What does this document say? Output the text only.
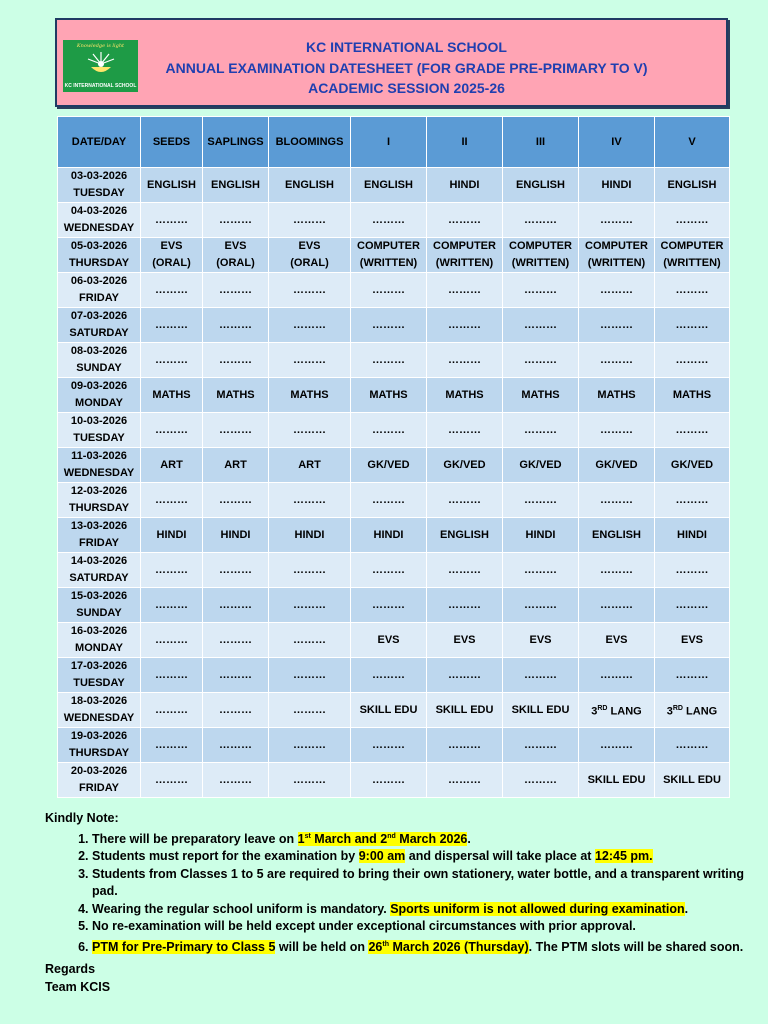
Knowledge is light
KC INTERNATIONAL SCHOOL
KC INTERNATIONAL SCHOOL
ANNUAL EXAMINATION DATESHEET (FOR GRADE PRE-PRIMARY TO V)
ACADEMIC SESSION 2025-26
DATE/DAY	SEEDS	SAPLINGS	BLOOMINGS	I	II	III	IV	V

03-03-2026
TUESDAY	ENGLISH	ENGLISH	ENGLISH	ENGLISH	HINDI	ENGLISH	HINDI	ENGLISH

04-03-2026
WEDNESDAY	………	………	………	………	………	………	………	………

05-03-2026
THURSDAY	EVS
(ORAL)	EVS
(ORAL)	EVS
(ORAL)	COMPUTER
(WRITTEN)	COMPUTER
(WRITTEN)	COMPUTER
(WRITTEN)	COMPUTER
(WRITTEN)	COMPUTER
(WRITTEN)

06-03-2026
FRIDAY	………	………	………	………	………	………	………	………

07-03-2026
SATURDAY	………	………	………	………	………	………	………	………

08-03-2026
SUNDAY	………	………	………	………	………	………	………	………

09-03-2026
MONDAY	MATHS	MATHS	MATHS	MATHS	MATHS	MATHS	MATHS	MATHS

10-03-2026
TUESDAY	………	………	………	………	………	………	………	………

11-03-2026
WEDNESDAY	ART	ART	ART	GK/VED	GK/VED	GK/VED	GK/VED	GK/VED

12-03-2026
THURSDAY	………	………	………	………	………	………	………	………

13-03-2026
FRIDAY	HINDI	HINDI	HINDI	HINDI	ENGLISH	HINDI	ENGLISH	HINDI

14-03-2026
SATURDAY	………	………	………	………	………	………	………	………

15-03-2026
SUNDAY	………	………	………	………	………	………	………	………

16-03-2026
MONDAY	………	………	………	EVS	EVS	EVS	EVS	EVS

17-03-2026
TUESDAY	………	………	………	………	………	………	………	………

18-03-2026
WEDNESDAY	………	………	………	SKILL EDU	SKILL EDU	SKILL EDU	3RD LANG	3RD LANG

19-03-2026
THURSDAY	………	………	………	………	………	………	………	………

20-03-2026
FRIDAY	………	………	………	………	………	………	SKILL EDU	SKILL EDU
Kindly Note:
1. There will be preparatory leave on 1st March and 2nd March 2026.
2. Students must report for the examination by 9:00 am and dispersal will take place at 12:45 pm.
3. Students from Classes 1 to 5 are required to bring their own stationery, water bottle, and a transparent writing pad.
4. Wearing the regular school uniform is mandatory. Sports uniform is not allowed during examination.
5. No re-examination will be held except under exceptional circumstances with prior approval.
6. PTM for Pre-Primary to Class 5 will be held on 26th March 2026 (Thursday). The PTM slots will be shared soon.
Regards
Team KCIS
